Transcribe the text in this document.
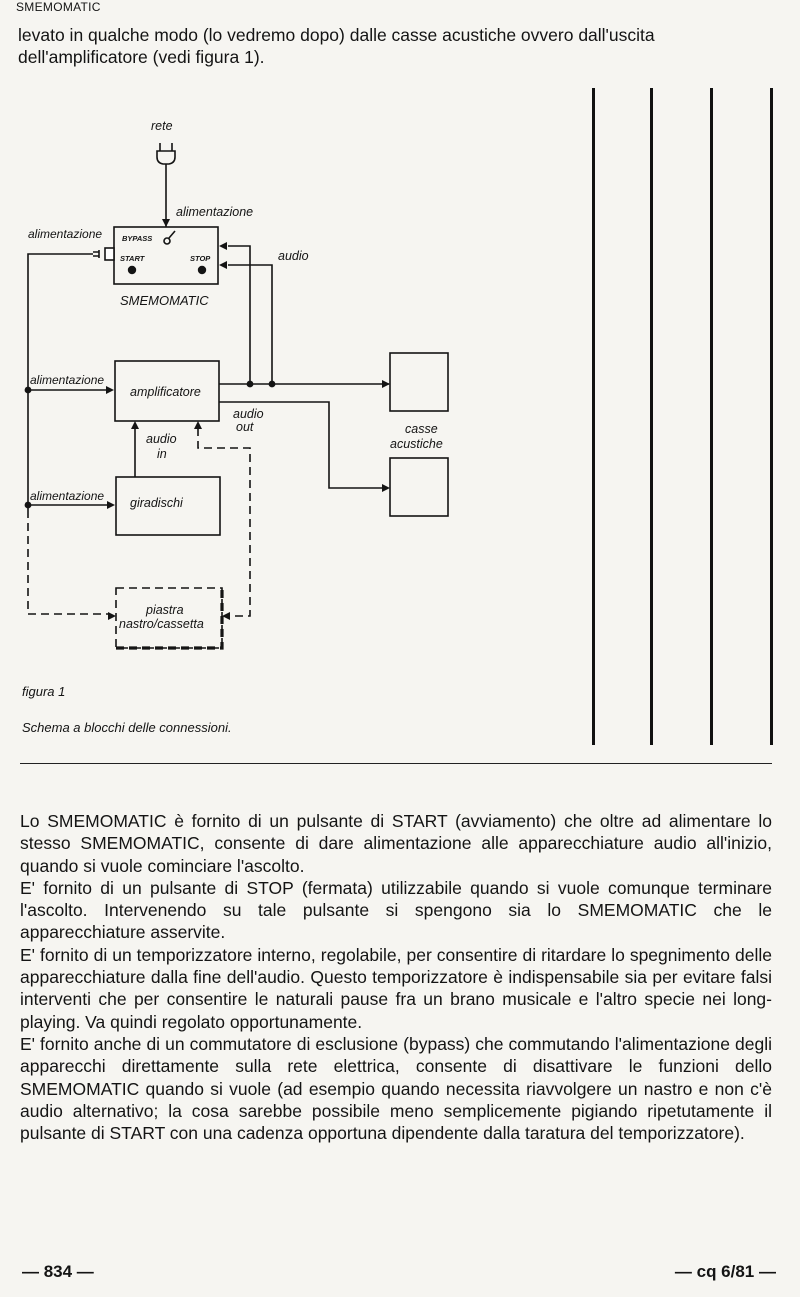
SMEMOMATIC

levato in qualche modo (lo vedremo dopo) dalle casse acustiche ovvero dall'uscita dell'amplificatore (vedi figura 1).

rete
alimentazione
alimentazione
audio
alimentazione
alimentazione
audio
out
audio
in
casse
acustiche
BYPASS
START	STOP
SMEMOMATIC
amplificatore
giradischi
piastra
nastro/cassetta

figura 1

Schema a blocchi delle connessioni.

Lo SMEMOMATIC è fornito di un pulsante di START (avviamento) che oltre ad alimentare lo stesso SMEMOMATIC, consente di dare alimentazione alle apparecchiature audio all'inizio, quando si vuole cominciare l'ascolto.

E' fornito di un pulsante di STOP (fermata) utilizzabile quando si vuole comunque terminare l'ascolto. Intervenendo su tale pulsante si spengono sia lo SMEMOMATIC che le apparecchiature asservite.

E' fornito di un temporizzatore interno, regolabile, per consentire di ritardare lo spegnimento delle apparecchiature dalla fine dell'audio. Questo temporizzatore è indispensabile sia per evitare falsi interventi che per consentire le naturali pause fra un brano musicale e l'altro specie nei long-playing. Va quindi regolato opportunamente.

E' fornito anche di un commutatore di esclusione (bypass) che commutando l'alimentazione degli apparecchi direttamente sulla rete elettrica, consente di disattivare le funzioni dello SMEMOMATIC quando si vuole (ad esempio quando necessita riavvolgere un nastro e non c'è audio alternativo; la cosa sarebbe possibile meno semplicemente pigiando ripetutamente il pulsante di START con una cadenza opportuna dipendente dalla taratura del temporizzatore).

— 834 —	— cq 6/81 —
